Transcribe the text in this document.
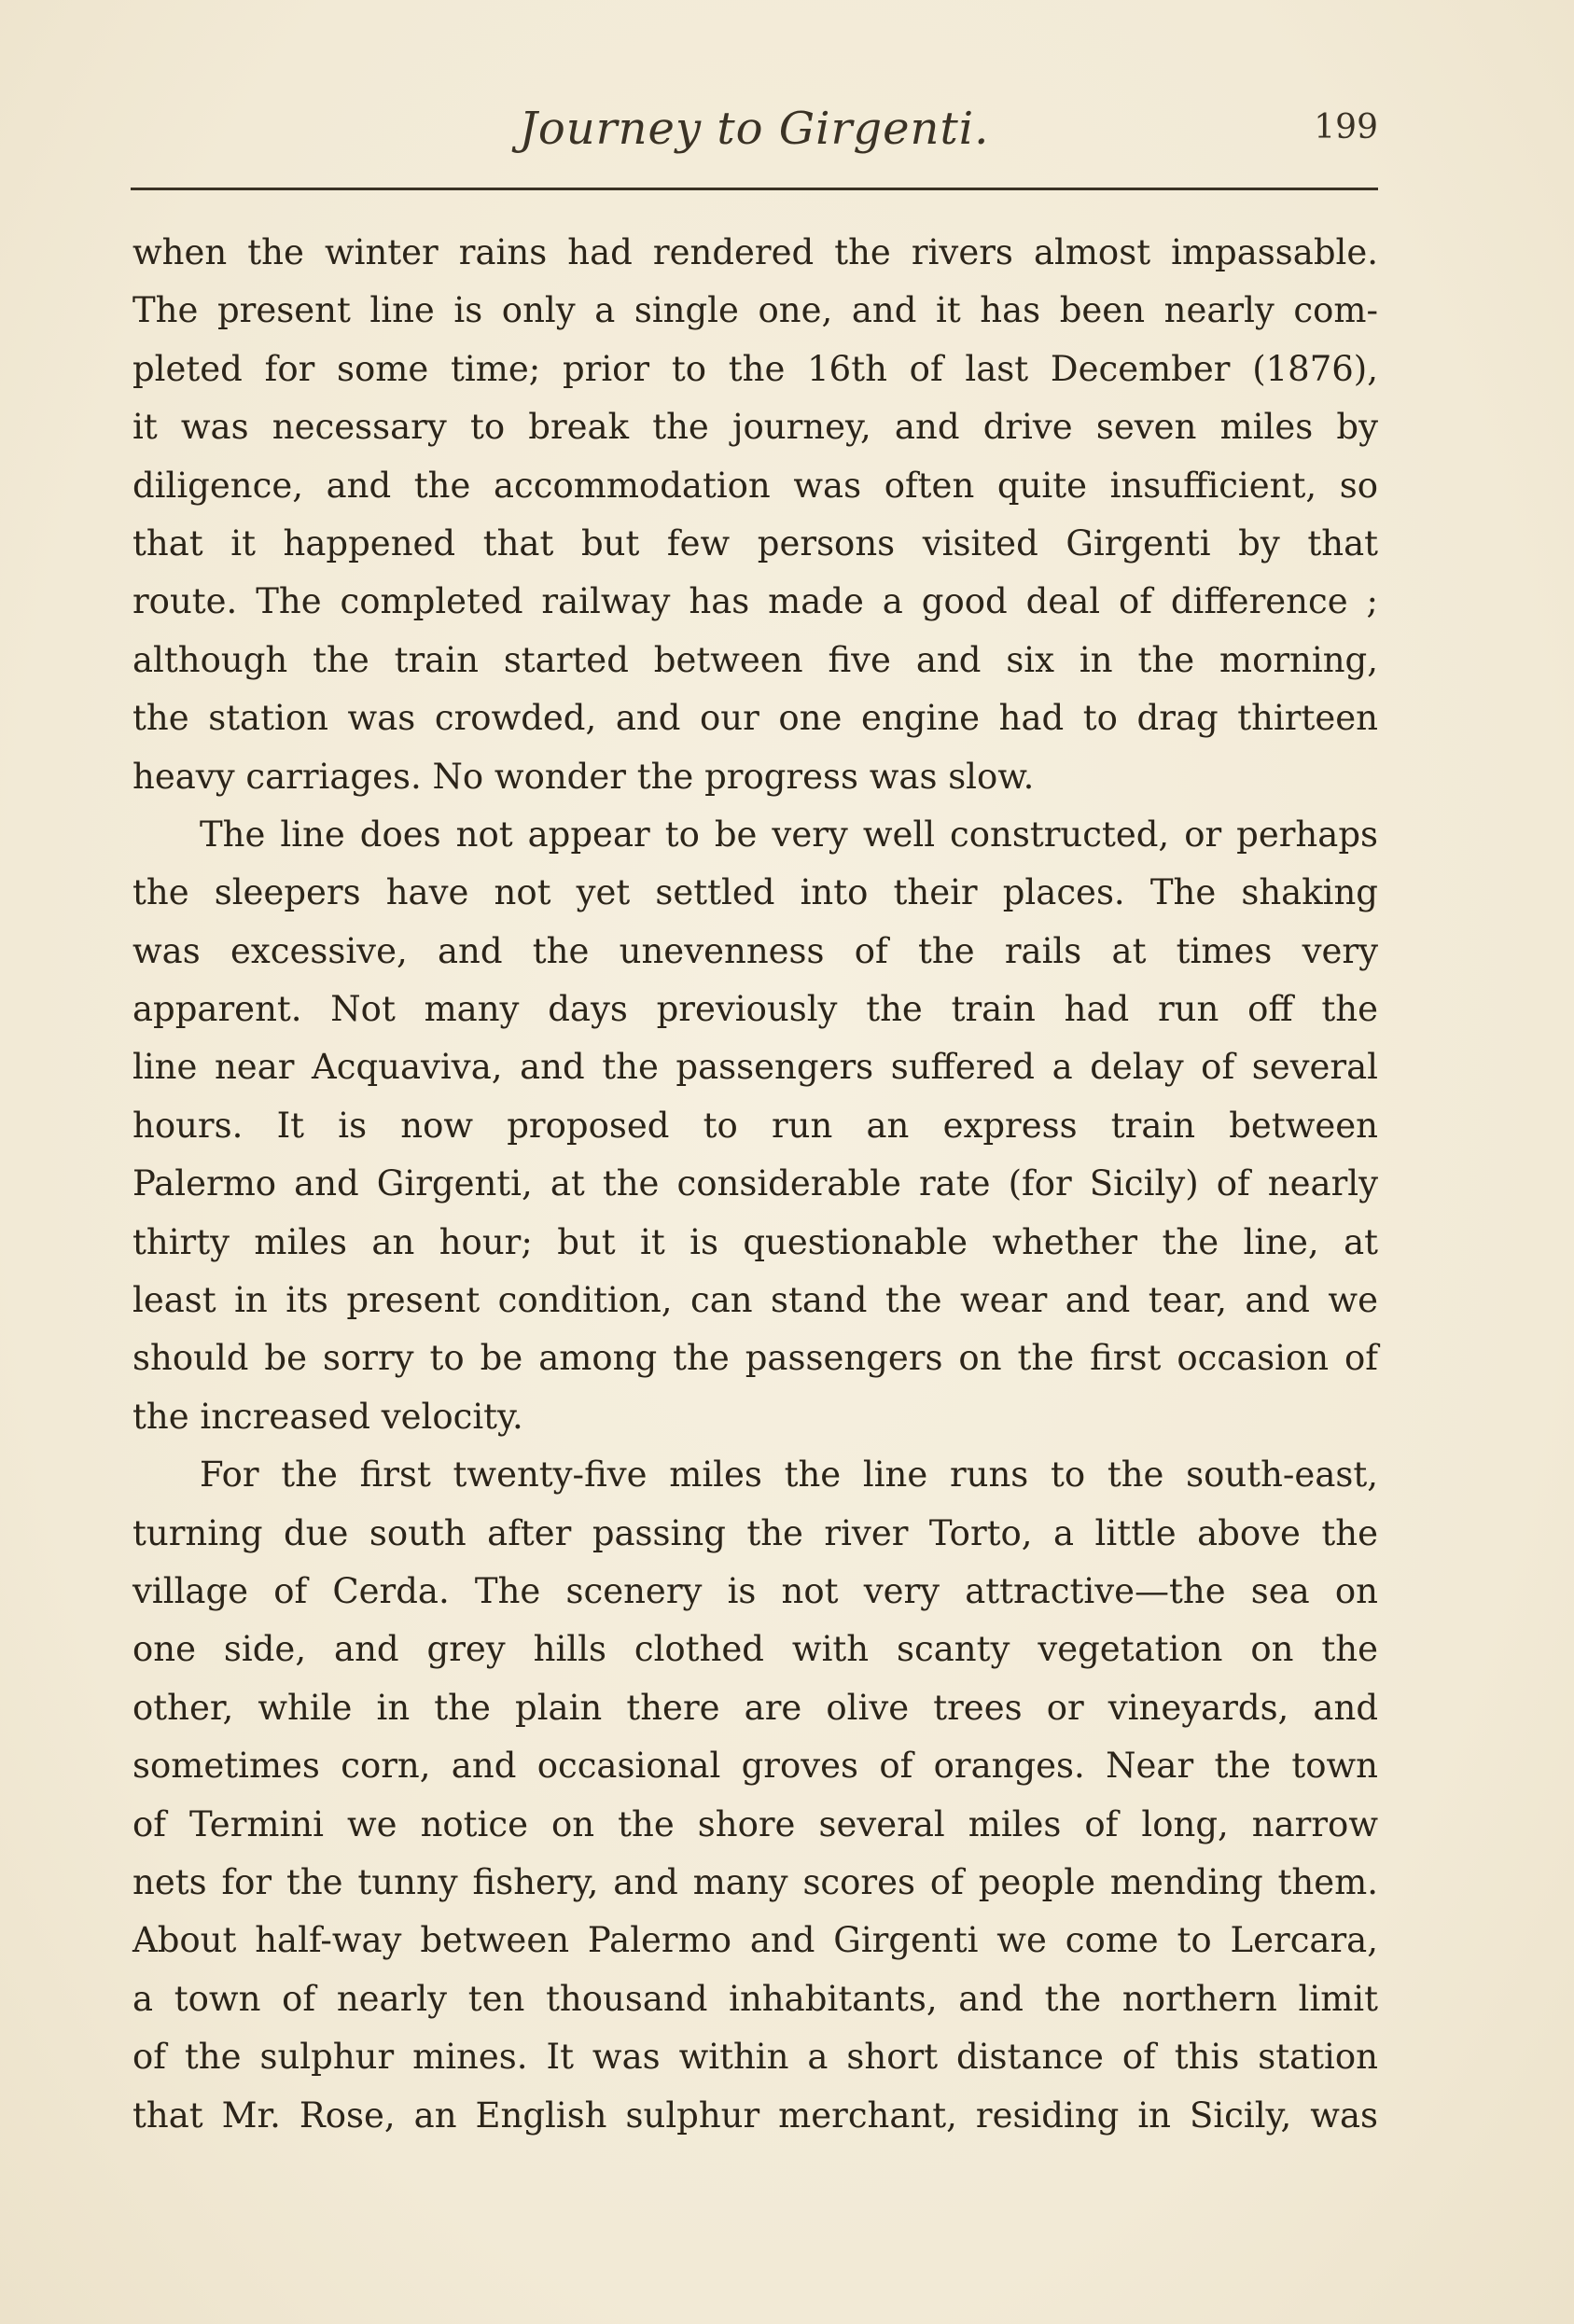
Journey to Girgenti.	199
when the winter rains had rendered the rivers almost impassable.
The present line is only a single one, and it has been nearly com-
pleted for some time; prior to the 16th of last December (1876),
it was necessary to break the journey, and drive seven miles by
diligence, and the accommodation was often quite insufficient, so
that it happened that but few persons visited Girgenti by that
route. The completed railway has made a good deal of difference ;
although the train started between five and six in the morning,
the station was crowded, and our one engine had to drag thirteen
heavy carriages. No wonder the progress was slow.
The line does not appear to be very well constructed, or perhaps
the sleepers have not yet settled into their places. The shaking
was excessive, and the unevenness of the rails at times very
apparent. Not many days previously the train had run off the
line near Acquaviva, and the passengers suffered a delay of several
hours. It is now proposed to run an express train between
Palermo and Girgenti, at the considerable rate (for Sicily) of nearly
thirty miles an hour; but it is questionable whether the line, at
least in its present condition, can stand the wear and tear, and we
should be sorry to be among the passengers on the first occasion of
the increased velocity.
For the first twenty-five miles the line runs to the south-east,
turning due south after passing the river Torto, a little above the
village of Cerda. The scenery is not very attractive—the sea on
one side, and grey hills clothed with scanty vegetation on the
other, while in the plain there are olive trees or vineyards, and
sometimes corn, and occasional groves of oranges. Near the town
of Termini we notice on the shore several miles of long, narrow
nets for the tunny fishery, and many scores of people mending them.
About half-way between Palermo and Girgenti we come to Lercara,
a town of nearly ten thousand inhabitants, and the northern limit
of the sulphur mines. It was within a short distance of this station
that Mr. Rose, an English sulphur merchant, residing in Sicily, was
